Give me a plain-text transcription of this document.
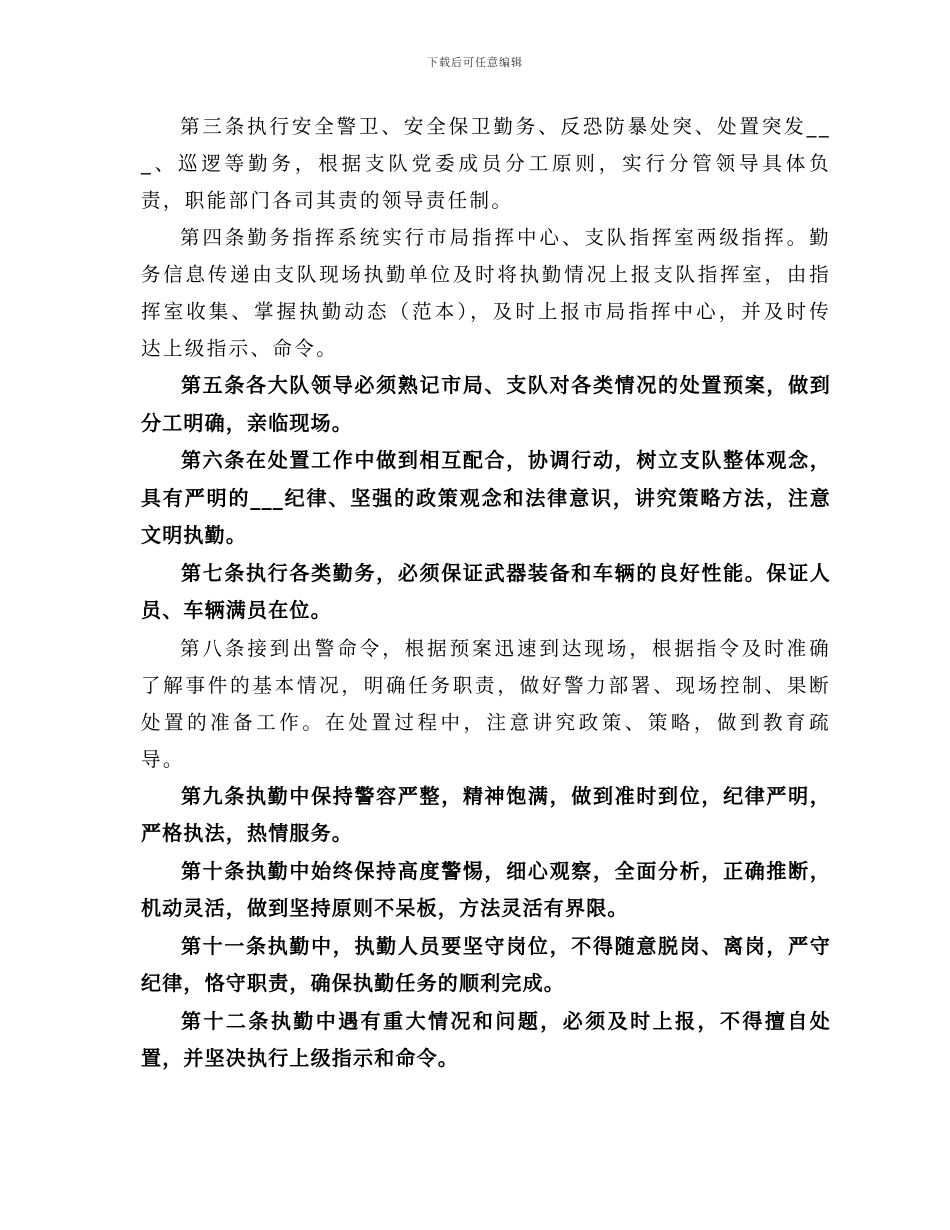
下载后可任意编辑

第三条执行安全警卫、安全保卫勤务、反恐防暴处突、处置突发___、巡逻等勤务，根据支队党委成员分工原则，实行分管领导具体负责，职能部门各司其责的领导责任制。

第四条勤务指挥系统实行市局指挥中心、支队指挥室两级指挥。勤务信息传递由支队现场执勤单位及时将执勤情况上报支队指挥室，由指挥室收集、掌握执勤动态（范本），及时上报市局指挥中心，并及时传达上级指示、命令。

第五条各大队领导必须熟记市局、支队对各类情况的处置预案，做到分工明确，亲临现场。

第六条在处置工作中做到相互配合，协调行动，树立支队整体观念，具有严明的___纪律、坚强的政策观念和法律意识，讲究策略方法，注意文明执勤。

第七条执行各类勤务，必须保证武器装备和车辆的良好性能。保证人员、车辆满员在位。

第八条接到出警命令，根据预案迅速到达现场，根据指令及时准确了解事件的基本情况，明确任务职责，做好警力部署、现场控制、果断处置的准备工作。在处置过程中，注意讲究政策、策略，做到教育疏导。

第九条执勤中保持警容严整，精神饱满，做到准时到位，纪律严明，严格执法，热情服务。

第十条执勤中始终保持高度警惕，细心观察，全面分析，正确推断，机动灵活，做到坚持原则不呆板，方法灵活有界限。

第十一条执勤中，执勤人员要坚守岗位，不得随意脱岗、离岗，严守纪律，恪守职责，确保执勤任务的顺利完成。

第十二条执勤中遇有重大情况和问题，必须及时上报，不得擅自处置，并坚决执行上级指示和命令。
